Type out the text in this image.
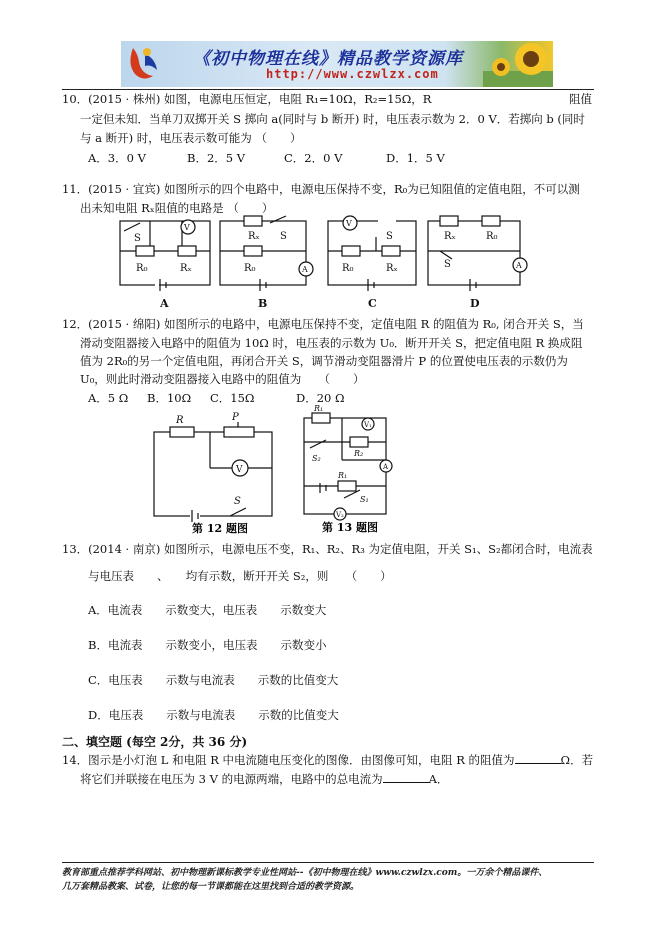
《初中物理在线》精品教学资源库
http://www.czwlzx.com
10．(2015 · 株州) 如图，电源电压恒定，电阻 R₁=10Ω，R₂=15Ω，R	阻值
一定但未知．当单刀双掷开关 S 掷向 a(同时与 b 断开) 时，电压表示数为 2．0 V．若掷向 b (同时
与 a 断开) 时，电压表示数可能为 （　　）
A．3．0 V	B．2．5 V	C．2．0 V	D．1．5 V
11．(2015 · 宜宾) 如图所示的四个电路中，电源电压保持不变，R₀为已知阻值的定值电阻，不可以测
出未知电阻 Rₓ阻值的电路是 （　　）
S
V
R₀	Rₓ
Rₓ S
R₀	A
V
S
R₀	Rₓ
Rₓ	R₀
S	A
A	B	C	D
12．(2015 · 绵阳) 如图所示的电路中，电源电压保持不变，定值电阻 R 的阻值为 R₀, 闭合开关 S，当
滑动变阻器接入电路中的阻值为 10Ω 时，电压表的示数为 U₀．断开开关 S，把定值电阻 R 换成阻
值为 2R₀的另一个定值电阻，再闭合开关 S，调节滑动变阻器滑片 P 的位置使电压表的示数仍为
U₀，则此时滑动变阻器接入电路中的阻值为　　（　　）
A．5 Ω B．10Ω C．15Ω	D．20 Ω
R	P
V
S
第 12 题图
R₁
V₁
R₂
S₂
A
R₁
S₁
V₂
第 13 题图
13．(2014 · 南京) 如图所示，电源电压不变，R₁、R₂、R₃ 为定值电阻，开关 S₁、S₂都闭合时，电流表
与电压表　　、　　均有示数，断开开关 S₂，则　　（　　）
A．电流表　　示数变大，电压表　　示数变大
B．电流表　　示数变小，电压表　　示数变小
C．电压表　　示数与电流表　　示数的比值变大
D．电压表　　示数与电流表　　示数的比值变大
二、填空题 (每空 2分，共 36 分)
14．图示是小灯泡 L 和电阻 R 中电流随电压变化的图像．由图像可知，电阻 R 的阻值为	Ω．若
将它们并联接在电压为 3 V 的电源两端，电路中的总电流为	A．
教育部重点推荐学科网站、初中物理新课标教学专业性网站--《初中物理在线》www.czwlzx.com。一万余个精品课件、
几万套精品教案、试卷，让您的每一节课都能在这里找到合适的教学资源。
